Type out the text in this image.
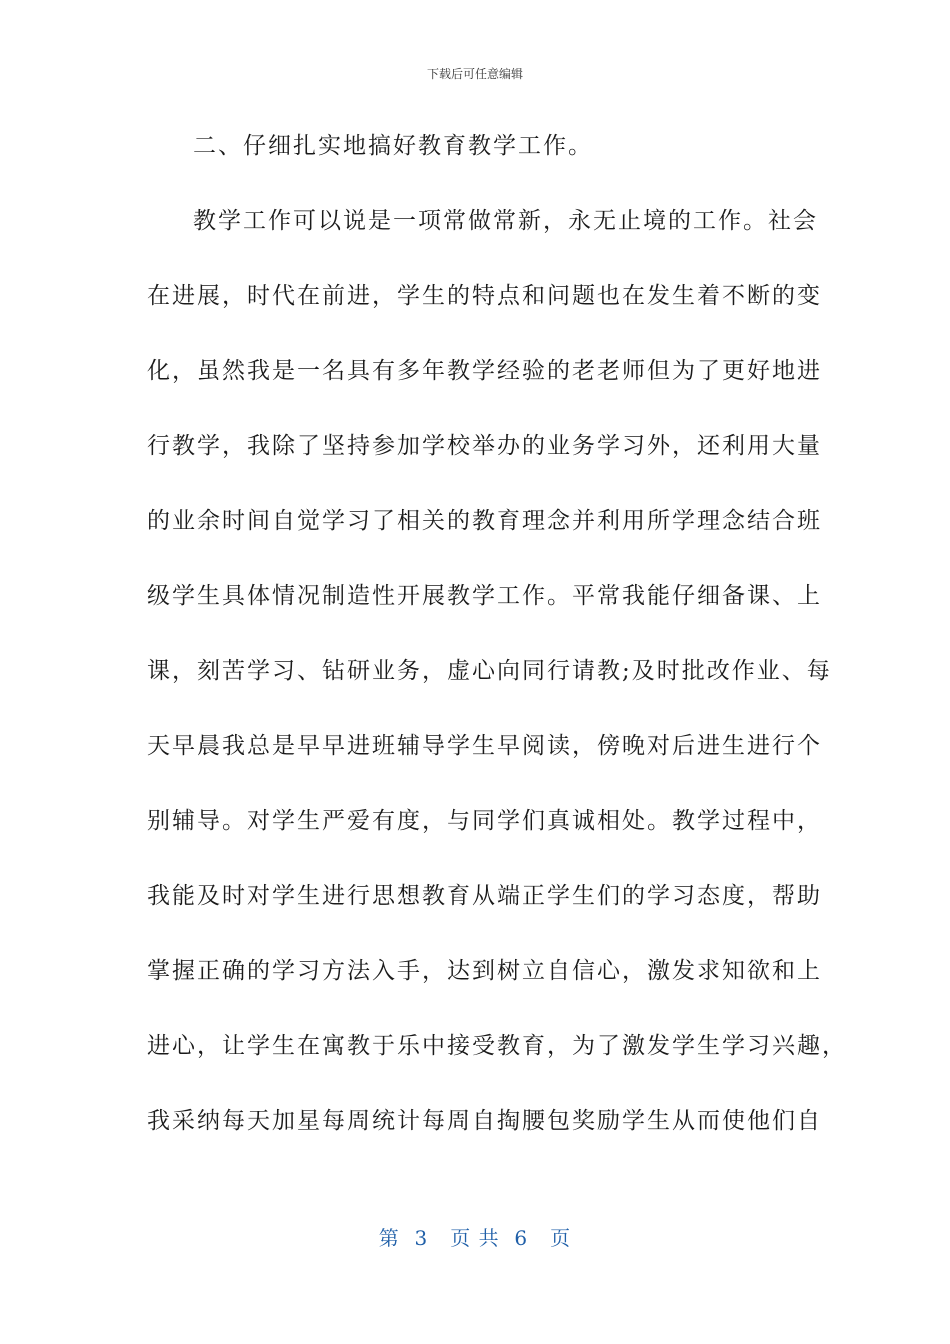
下载后可任意编辑
二、仔细扎实地搞好教育教学工作。
教学工作可以说是一项常做常新，永无止境的工作。社会
在进展，时代在前进，学生的特点和问题也在发生着不断的变
化，虽然我是一名具有多年教学经验的老老师但为了更好地进
行教学，我除了坚持参加学校举办的业务学习外，还利用大量
的业余时间自觉学习了相关的教育理念并利用所学理念结合班
级学生具体情况制造性开展教学工作。平常我能仔细备课、上
课，刻苦学习、钻研业务，虚心向同行请教;及时批改作业、每
天早晨我总是早早进班辅导学生早阅读，傍晚对后进生进行个
别辅导。对学生严爱有度，与同学们真诚相处。教学过程中，
我能及时对学生进行思想教育从端正学生们的学习态度，帮助
掌握正确的学习方法入手，达到树立自信心，激发求知欲和上
进心，让学生在寓教于乐中接受教育，为了激发学生学习兴趣，
我采纳每天加星每周统计每周自掏腰包奖励学生从而使他们自
第  3   页 共  6   页
